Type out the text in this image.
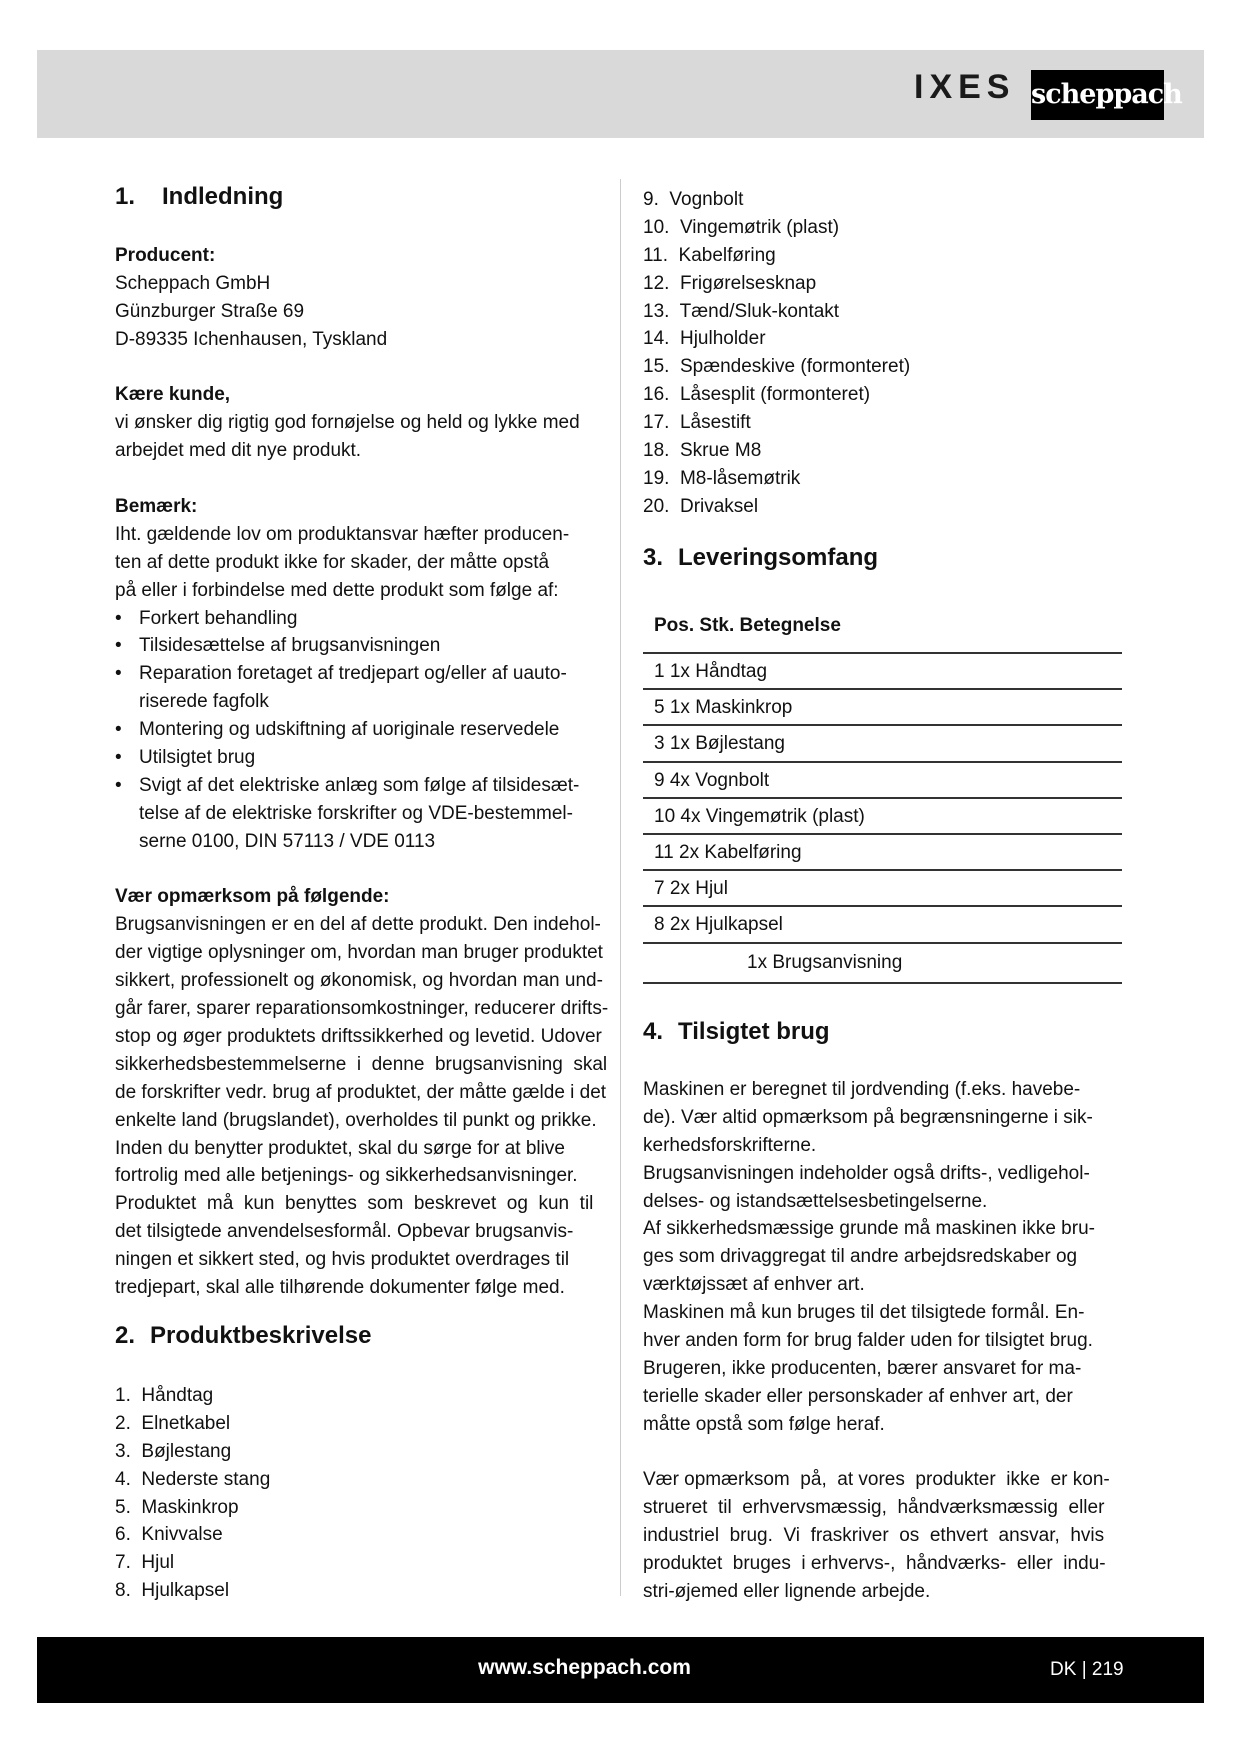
IXES scheppach
1. Indledning
Producent:
Scheppach GmbH
Günzburger Straße 69
D-89335 Ichenhausen, Tyskland
Kære kunde,
vi ønsker dig rigtig god fornøjelse og held og lykke med
arbejdet med dit nye produkt.
Bemærk:
Iht. gældende lov om produktansvar hæfter producen-
ten af dette produkt ikke for skader, der måtte opstå
på eller i forbindelse med dette produkt som følge af:
• Forkert behandling
• Tilsidesættelse af brugsanvisningen
• Reparation foretaget af tredjepart og/eller af uauto-
riserede fagfolk
• Montering og udskiftning af uoriginale reservedele
• Utilsigtet brug
• Svigt af det elektriske anlæg som følge af tilsidesæt-
telse af de elektriske forskrifter og VDE-bestemmel-
serne 0100, DIN 57113 / VDE 0113
Vær opmærksom på følgende:
Brugsanvisningen er en del af dette produkt. Den indehol-
der vigtige oplysninger om, hvordan man bruger produktet
sikkert, professionelt og økonomisk, og hvordan man und-
går farer, sparer reparationsomkostninger, reducerer drifts-
stop og øger produktets driftssikkerhed og levetid. Udover
sikkerhedsbestemmelserne  i  denne  brugsanvisning  skal
de forskrifter vedr. brug af produktet, der måtte gælde i det
enkelte land (brugslandet), overholdes til punkt og prikke.
Inden du benytter produktet, skal du sørge for at blive
fortrolig med alle betjenings- og sikkerhedsanvisninger.
Produktet  må  kun  benyttes  som  beskrevet  og  kun  til
det tilsigtede anvendelsesformål. Opbevar brugsanvis-
ningen et sikkert sted, og hvis produktet overdrages til
tredjepart, skal alle tilhørende dokumenter følge med.
2. Produktbeskrivelse
1.  Håndtag
2.  Elnetkabel
3.  Bøjlestang
4.  Nederste stang
5.  Maskinkrop
6.  Knivvalse
7.  Hjul
8.  Hjulkapsel
9.  Vognbolt
10.  Vingemøtrik (plast)
11.  Kabelføring
12.  Frigørelsesknap
13.  Tænd/Sluk-kontakt
14.  Hjulholder
15.  Spændeskive (formonteret)
16.  Låsesplit (formonteret)
17.  Låsestift
18.  Skrue M8
19.  M8-låsemøtrik
20.  Drivaksel
3. Leveringsomfang
Pos. Stk. Betegnelse
1 1x Håndtag
5 1x Maskinkrop
3 1x Bøjlestang
9 4x Vognbolt
10 4x Vingemøtrik (plast)
11 2x Kabelføring
7 2x Hjul
8 2x Hjulkapsel
1x Brugsanvisning
4. Tilsigtet brug
Maskinen er beregnet til jordvending (f.eks. havebe-
de). Vær altid opmærksom på begrænsningerne i sik-
kerhedsforskrifterne.
Brugsanvisningen indeholder også drifts-, vedligehol-
delses- og istandsættelsesbetingelserne.
Af sikkerhedsmæssige grunde må maskinen ikke bru-
ges som drivaggregat til andre arbejdsredskaber og
værktøjssæt af enhver art.
Maskinen må kun bruges til det tilsigtede formål. En-
hver anden form for brug falder uden for tilsigtet brug.
Brugeren, ikke producenten, bærer ansvaret for ma-
terielle skader eller personskader af enhver art, der
måtte opstå som følge heraf.
Vær opmærksom  på,  at vores  produkter  ikke  er kon-
strueret  til  erhvervsmæssig,  håndværksmæssig  eller
industriel  brug.  Vi  fraskriver  os  ethvert  ansvar,  hvis
produktet  bruges  i erhvervs-,  håndværks-  eller  indu-
stri-øjemed eller lignende arbejde.
www.scheppach.com	DK | 219
